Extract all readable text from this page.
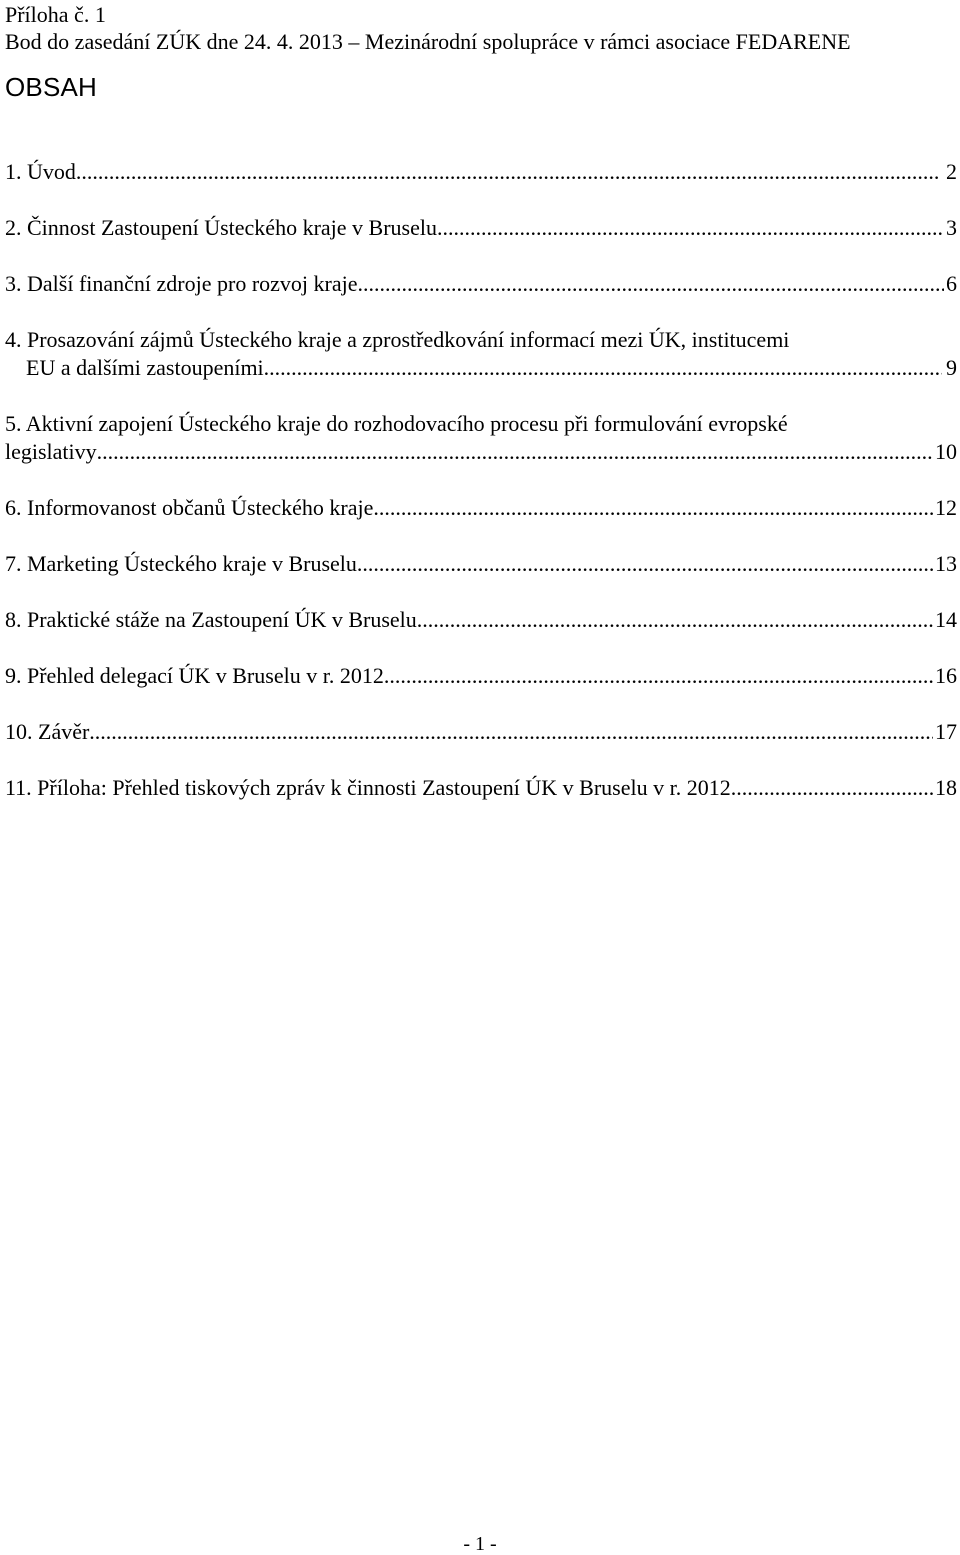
Příloha č. 1
Bod do zasedání ZÚK dne 24. 4. 2013 – Mezinárodní spolupráce v rámci asociace FEDARENE
OBSAH
1. Úvod .....	2
2. Činnost Zastoupení Ústeckého kraje v Bruselu .....	3
3. Další finanční zdroje pro rozvoj kraje .....	6
4. Prosazování zájmů Ústeckého kraje a zprostředkování informací mezi ÚK, institucemi
EU a dalšími zastoupeními .....	9
5. Aktivní zapojení Ústeckého kraje do rozhodovacího procesu při formulování evropské
legislativy .....	10
6. Informovanost občanů Ústeckého kraje .....	12
7. Marketing Ústeckého kraje v Bruselu .....	13
8. Praktické stáže na Zastoupení ÚK v Bruselu .....	14
9. Přehled delegací ÚK v Bruselu v r. 2012 .....	16
10. Závěr .....	17
11. Příloha: Přehled tiskových zpráv k činnosti Zastoupení ÚK v Bruselu v r. 2012 .....	18
- 1 -
